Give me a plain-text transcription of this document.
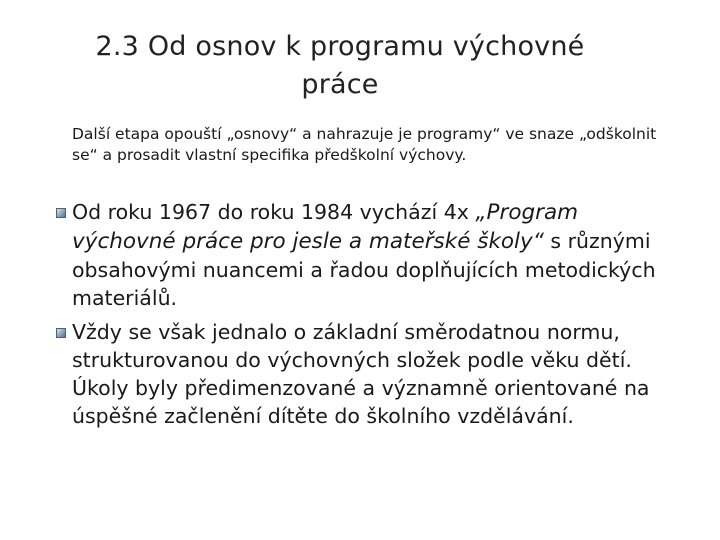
2.3 Od osnov k programu výchovné
práce
Další etapa opouští „osnovy“ a nahrazuje je programy“ ve snaze „odškolnit se“ a prosadit vlastní specifika předškolní výchovy.
Od roku 1967 do roku 1984 vychází 4x „Program výchovné práce pro jesle a mateřské školy“ s různými obsahovými nuancemi a řadou doplňujících metodických materiálů.
Vždy se však jednalo o základní směrodatnou normu, strukturovanou do výchovných složek podle věku dětí. Úkoly byly předimenzované a významně orientované na úspěšné začlenění dítěte do školního vzdělávání.
